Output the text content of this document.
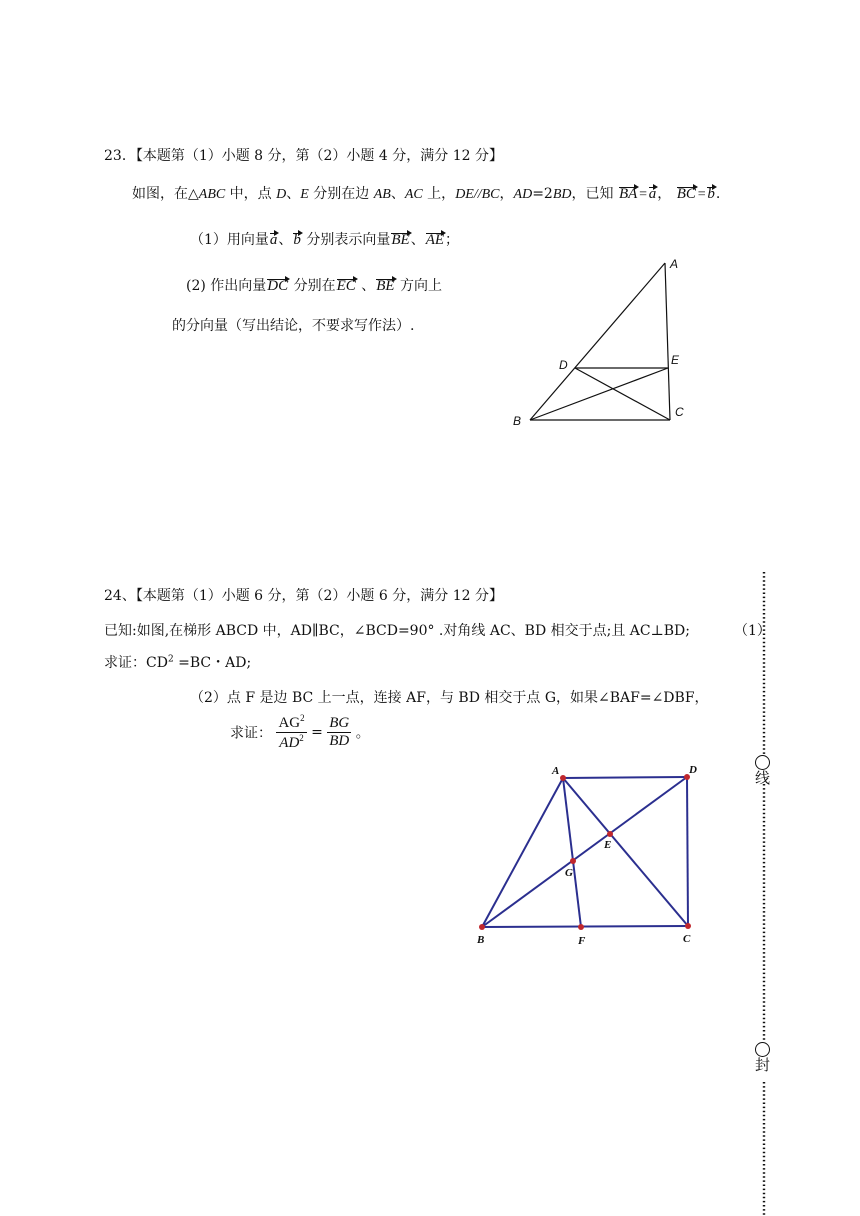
23．【本题第（1）小题 8 分，第（2）小题 4 分，满分 12 分】
如图，在△ABC 中，点 D、E 分别在边 AB、AC 上，DE//BC，AD=2BD，已知 BA=a， BC=b.
（1）用向量a、b 分别表示向量BE、AE；
(2) 作出向量DC 分别在EC 、BE 方向上
的分向量（写出结论，不要求写作法）.
A
D	E
B
C
24、【本题第（1）小题 6 分，第（2）小题 6 分，满分 12 分】
已知:如图,在梯形 ABCD 中，AD∥BC，∠BCD=90° .对角线 AC、BD 相交于点;且 AC⊥BD;	（1）
求证：$CD^2 =BC$・AD;
（2）点 F 是边 BC 上一点，连接 AF，与 BD 相交于点 G，如果∠BAF=∠DBF，
求证： $\frac{AG^2}{AD^2} = \frac{BG}{BD}$ 。
A	D
E
G
B	F	C
线
封
